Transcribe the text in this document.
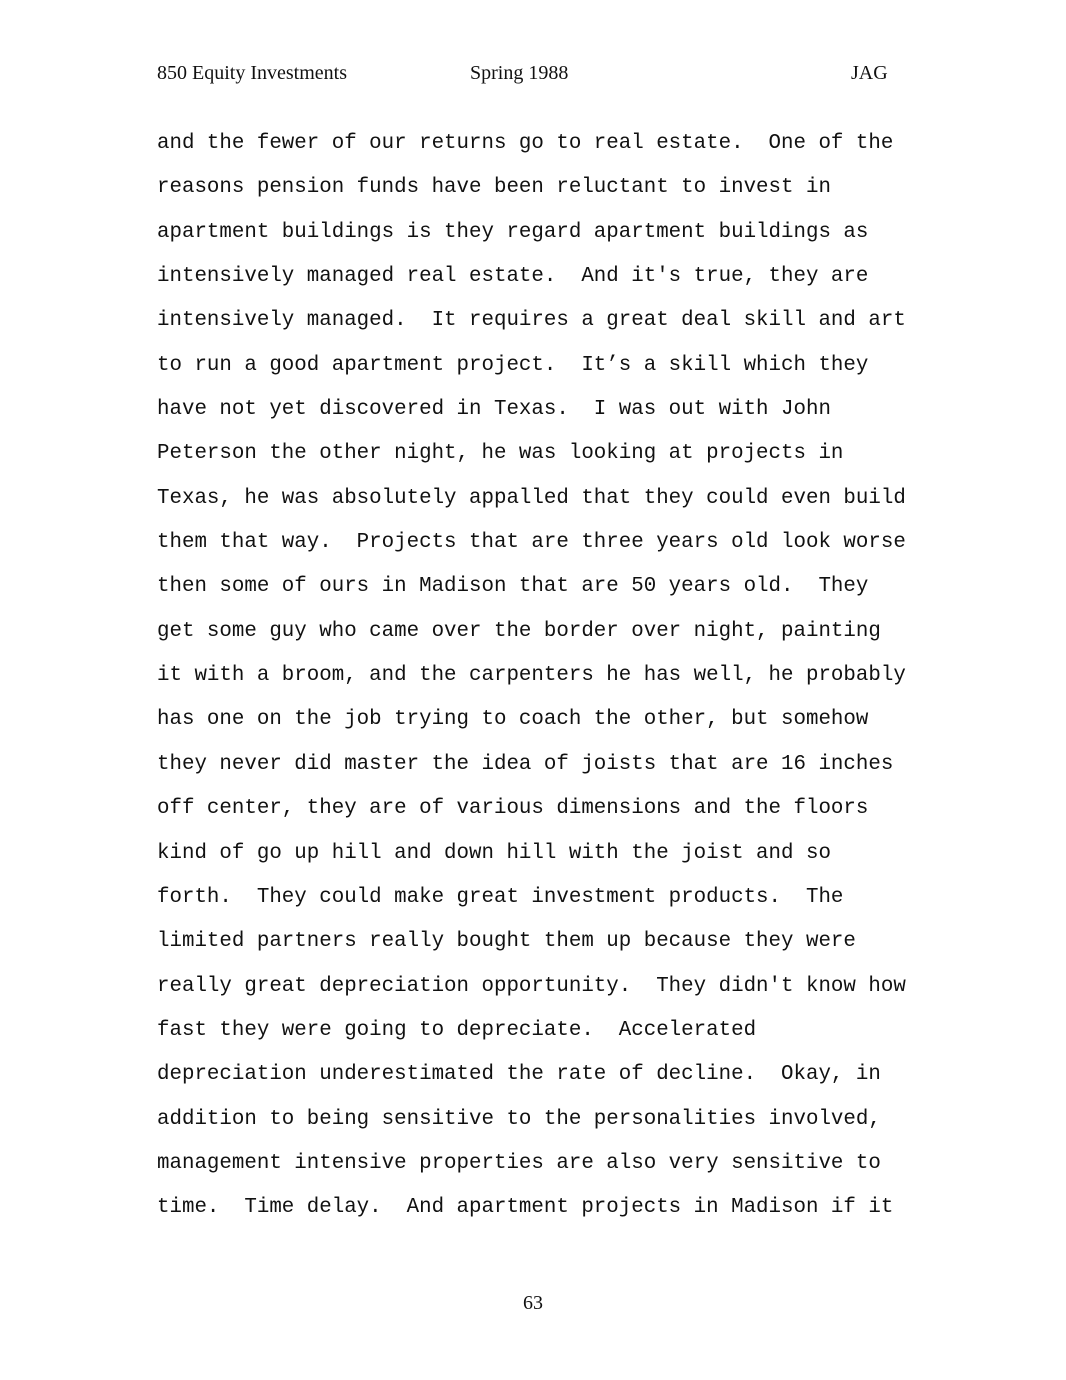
850 Equity Investments	Spring 1988	JAG
and the fewer of our returns go to real estate.  One of the
reasons pension funds have been reluctant to invest in
apartment buildings is they regard apartment buildings as
intensively managed real estate.  And it's true, they are
intensively managed.  It requires a great deal skill and art
to run a good apartment project.  It’s a skill which they
have not yet discovered in Texas.  I was out with John
Peterson the other night, he was looking at projects in
Texas, he was absolutely appalled that they could even build
them that way.  Projects that are three years old look worse
then some of ours in Madison that are 50 years old.  They
get some guy who came over the border over night, painting
it with a broom, and the carpenters he has well, he probably
has one on the job trying to coach the other, but somehow
they never did master the idea of joists that are 16 inches
off center, they are of various dimensions and the floors
kind of go up hill and down hill with the joist and so
forth.  They could make great investment products.  The
limited partners really bought them up because they were
really great depreciation opportunity.  They didn't know how
fast they were going to depreciate.  Accelerated
depreciation underestimated the rate of decline.  Okay, in
addition to being sensitive to the personalities involved,
management intensive properties are also very sensitive to
time.  Time delay.  And apartment projects in Madison if it
63
